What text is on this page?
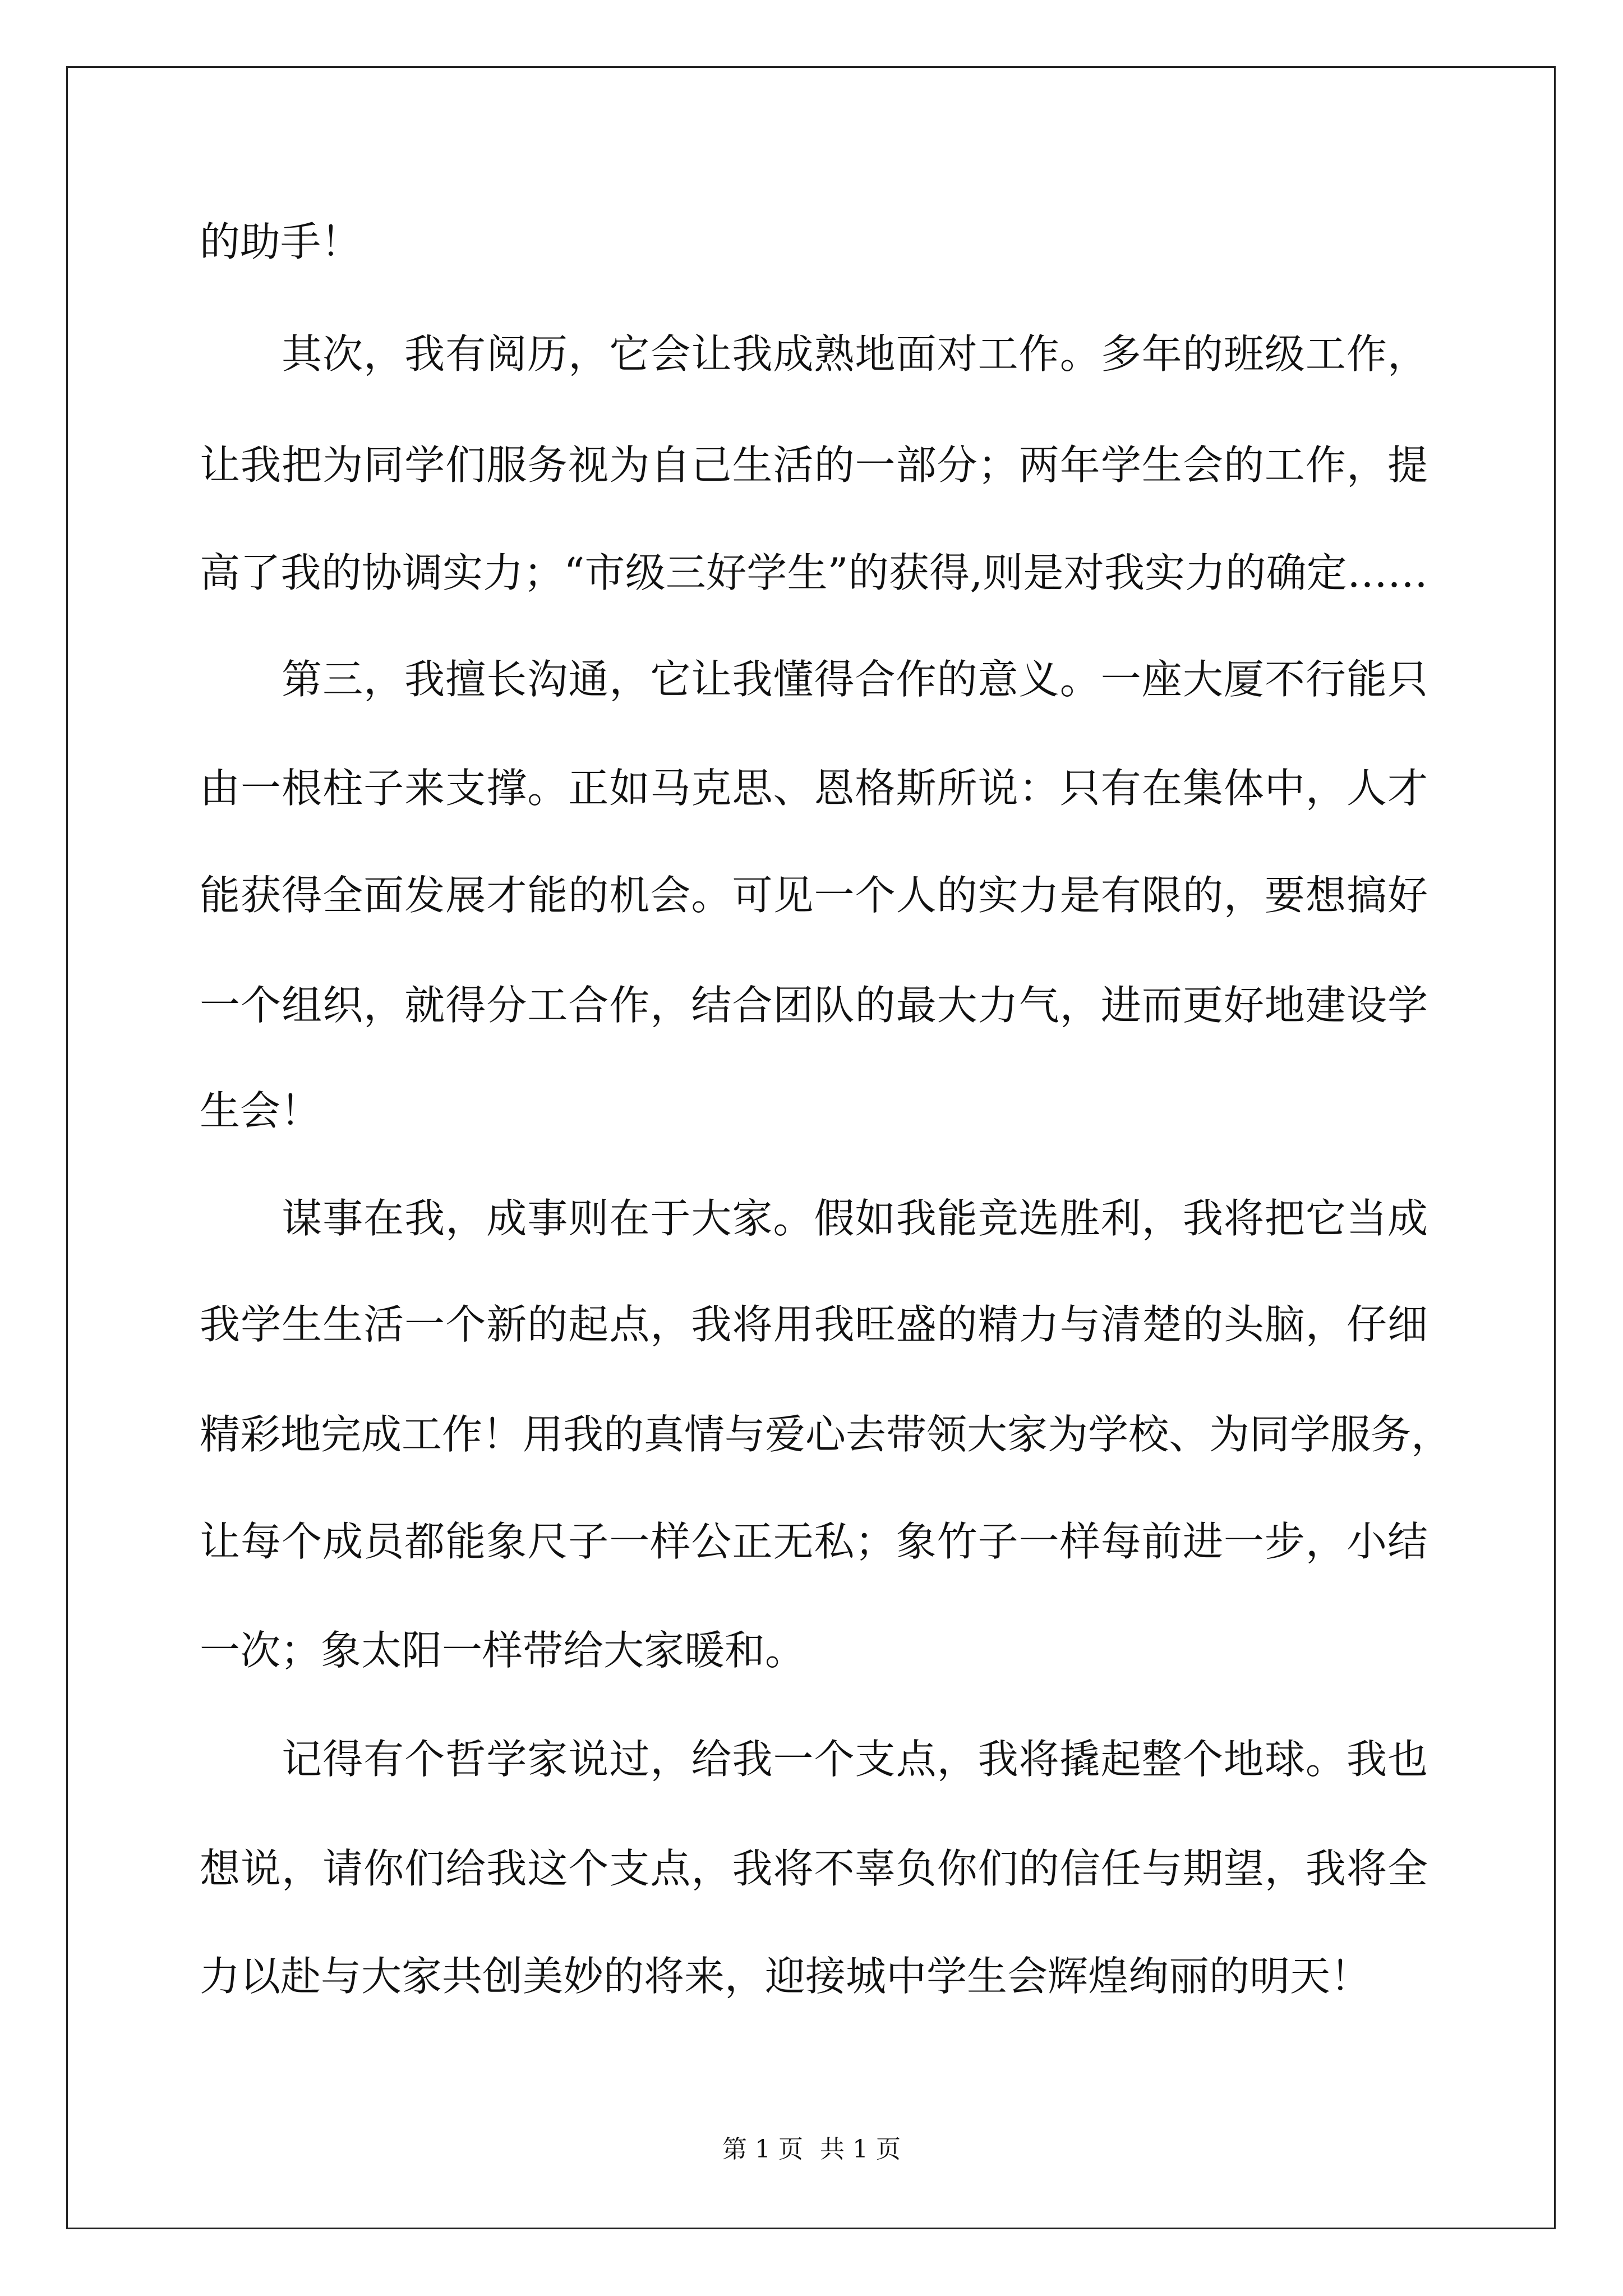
的助手！
　　其次，我有阅历，它会让我成熟地面对工作。多年的班级工作，
让我把为同学们服务视为自己生活的一部分；两年学生会的工作，提
高了我的协调实力；“市级三好学生”的获得,则是对我实力的确定……
　　第三，我擅长沟通，它让我懂得合作的意义。一座大厦不行能只
由一根柱子来支撑。正如马克思、恩格斯所说：只有在集体中，人才
能获得全面发展才能的机会。可见一个人的实力是有限的，要想搞好
一个组织，就得分工合作，结合团队的最大力气，进而更好地建设学
生会！
　　谋事在我，成事则在于大家。假如我能竞选胜利，我将把它当成
我学生生活一个新的起点，我将用我旺盛的精力与清楚的头脑，仔细
精彩地完成工作！用我的真情与爱心去带领大家为学校、为同学服务，
让每个成员都能象尺子一样公正无私；象竹子一样每前进一步，小结
一次；象太阳一样带给大家暖和。
　　记得有个哲学家说过，给我一个支点，我将撬起整个地球。我也
想说，请你们给我这个支点，我将不辜负你们的信任与期望，我将全
力以赴与大家共创美妙的将来，迎接城中学生会辉煌绚丽的明天！
第 1 页 共 1 页
